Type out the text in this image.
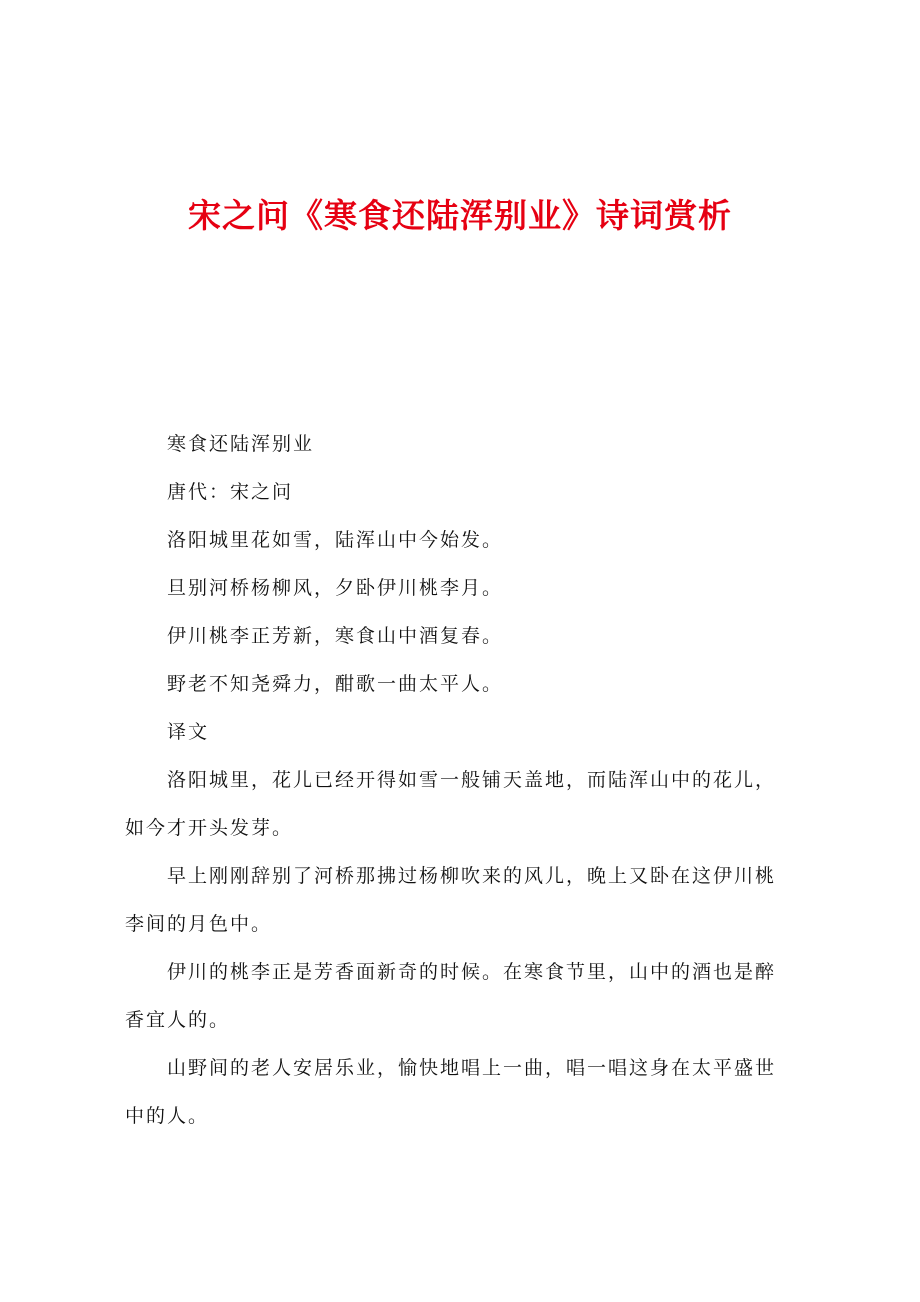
宋之问《寒食还陆浑别业》诗词赏析

寒食还陆浑别业

唐代：宋之问

洛阳城里花如雪，陆浑山中今始发。

旦别河桥杨柳风，夕卧伊川桃李月。

伊川桃李正芳新，寒食山中酒复春。

野老不知尧舜力，酣歌一曲太平人。

译文

洛阳城里，花儿已经开得如雪一般铺天盖地，而陆浑山中的花儿，如今才开头发芽。

早上刚刚辞别了河桥那拂过杨柳吹来的风儿，晚上又卧在这伊川桃李间的月色中。

伊川的桃李正是芳香面新奇的时候。在寒食节里，山中的酒也是醉香宜人的。

山野间的老人安居乐业，愉快地唱上一曲，唱一唱这身在太平盛世中的人。
